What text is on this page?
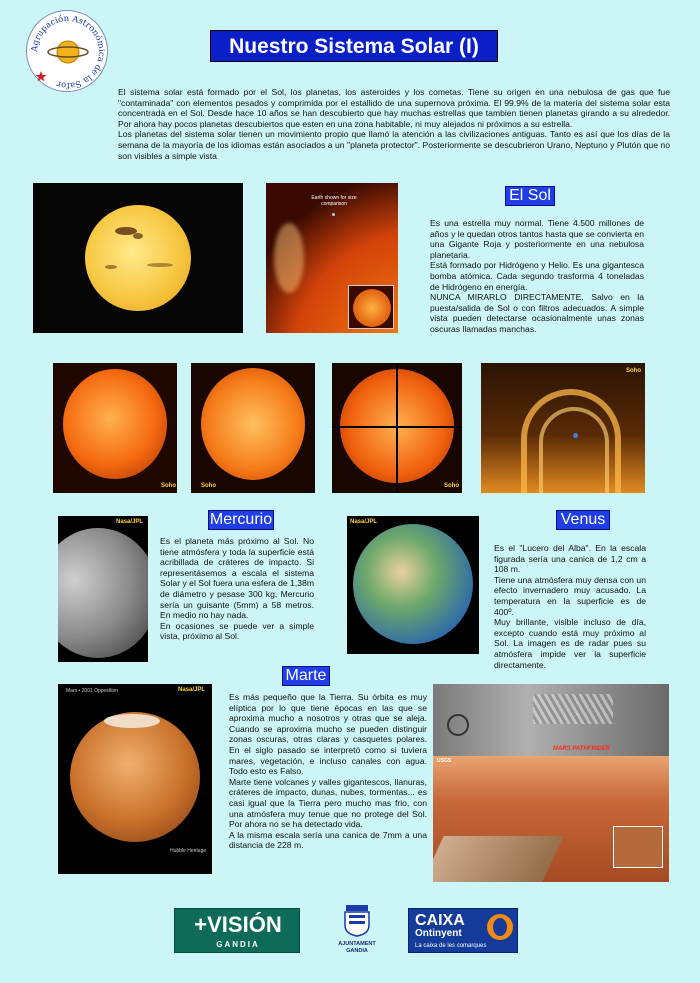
Agrupación Astronómica de la Safor
Nuestro Sistema Solar (I)

El sistema solar está formado por el Sol, los planetas, los asteroides y los cometas. Tiene su origen en una nebulosa de gas que fue "contaminada" con elementos pesados y comprimida por el estallido de una supernova próxima. El 99.9% de la materia del sistema solar esta concentrada en el Sol. Desde hace 10 años se han descubierto que hay muchas estrellas que tambien tienen planetas girando a su alrededor. Por ahora hay pocos planetas descubiertos que esten en una zona habitable, ni muy alejados ni próximos a su estrella.

Los planetas del sistema solar tienen un movimiento propio que llamó la atención a las civilizaciones antiguas. Tanto es así que los días de la semana de la mayoría de los idiomas están asociados a un "planeta protector". Posteriormente se descubrieron Urano, Neptuno y Plutón que no son visibles a simple vista

Earth shown for size comparison	El Sol

Es una estrella muy normal. Tiene 4.500 millones de años y le quedan otros tantos hasta que se convierta en una Gigante Roja y posteriormente en una nebulosa planetaria.

Está formado por Hidrógeno y Helio. Es una gigantesca bomba atómica. Cada segundo trasforma 4 toneladas de Hidrógeno en energía.

NUNCA MIRARLO DIRECTAMENTE. Salvo en la puesta/salida de Sol o con filtros adecuados. A simple vista pueden detectarse ocasionalmente unas zonas oscuras llamadas manchas.

Soho	Soho	Soho
Soho
Nasa/JPL	Mercurio

Es el planeta más próximo al Sol. No tiene atmósfera y toda la superficie está acribillada de cráteres de impacto. Si representásemos a escala el sistema Solar y el Sol fuera una esfera de 1,38m de diámetro y pesase 300 kg, Mercurio sería un guisante (5mm) a 58 metros. En medio no hay nada.

En ocasiones se puede ver a simple vista, próximo al Sol.

Nasa/JPL	Venus

Es el "Lucero del Alba". En la escala figurada sería una canica de 1,2 cm a 108 m.

Tiene una atmósfera muy densa con un efecto invernadero muy acusado. La temperatura en la superficie es de 400º.

Muy brillante, visible incluso de día, excepto cuando está muy próximo al Sol. La imagen es de radar pues su atmósfera impide ver la superficie directamente.

Marte
Mars • 2001 Opposition	Nasa/JPL
Hubble Heritage

Es más pequeño que la Tierra. Su órbita es muy elíptica por lo que tiene épocas en las que se aproxima mucho a nosotros y otras que se aleja. Cuando se aproxima mucho se pueden distinguir zonas oscuras, otras claras y casquetes polares. En el siglo pasado se interpretó como si tuviera mares, vegetación, e incluso canales con agua. Todo esto es Falso.

Marte tiene volcanes y valles gigantescos, llanuras, cráteres de impacto, dunas, nubes, tormentas... es casi igual que la Tierra pero mucho mas frio, con una atmósfera muy tenue que no protege del Sol. Por ahora no se ha detectado vida.

A la misma escala sería una canica de 7mm a una distancia de 228 m.

MARS PATHFINDER
USGS
+VISIÓN
GANDIA	AJUNTAMENT
GANDIA
CAIXA
Ontinyent
La caixa de les comarques
